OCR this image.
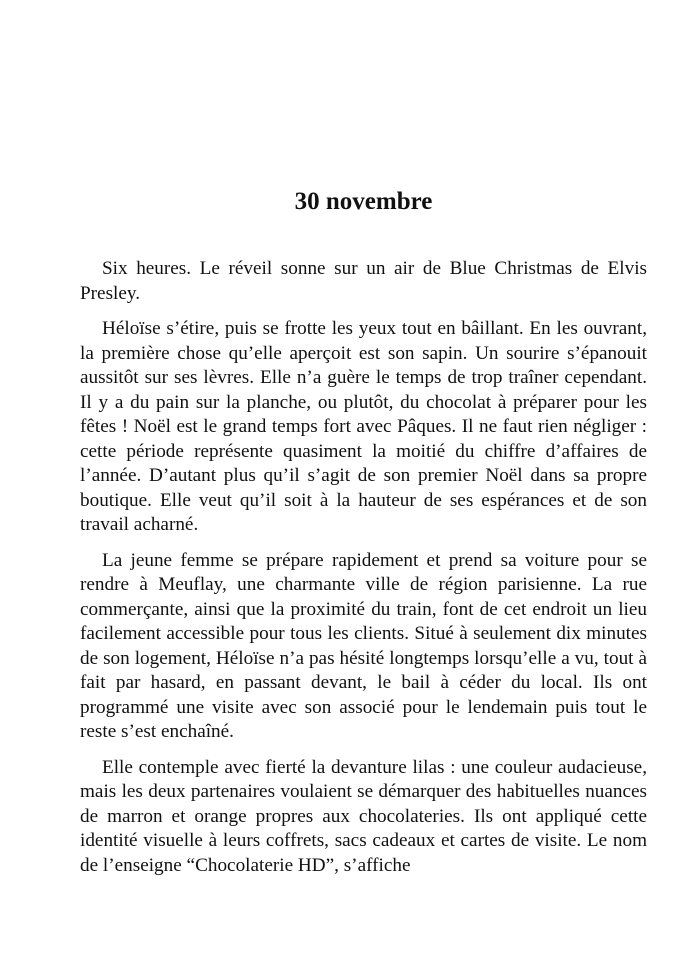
30 novembre

Six heures. Le réveil sonne sur un air de Blue Christmas de Elvis Presley.

Héloïse s’étire, puis se frotte les yeux tout en bâillant. En les ouvrant, la première chose qu’elle aperçoit est son sapin. Un sourire s’épanouit aussitôt sur ses lèvres. Elle n’a guère le temps de trop traîner cependant. Il y a du pain sur la planche, ou plutôt, du chocolat à préparer pour les fêtes ! Noël est le grand temps fort avec Pâques. Il ne faut rien négliger : cette période représente quasiment la moitié du chiffre d’affaires de l’année. D’autant plus qu’il s’agit de son premier Noël dans sa propre boutique. Elle veut qu’il soit à la hauteur de ses espérances et de son travail acharné.

La jeune femme se prépare rapidement et prend sa voiture pour se rendre à Meuflay, une charmante ville de région parisienne. La rue commerçante, ainsi que la proximité du train, font de cet endroit un lieu facilement accessible pour tous les clients. Situé à seulement dix minutes de son logement, Héloïse n’a pas hésité longtemps lorsqu’elle a vu, tout à fait par hasard, en passant devant, le bail à céder du local. Ils ont programmé une visite avec son associé pour le lendemain puis tout le reste s’est enchaîné.

Elle contemple avec fierté la devanture lilas : une couleur audacieuse, mais les deux partenaires voulaient se démarquer des habituelles nuances de marron et orange propres aux chocolateries. Ils ont appliqué cette identité visuelle à leurs coffrets, sacs cadeaux et cartes de visite. Le nom de l’enseigne “Chocolaterie HD”, s’affiche
